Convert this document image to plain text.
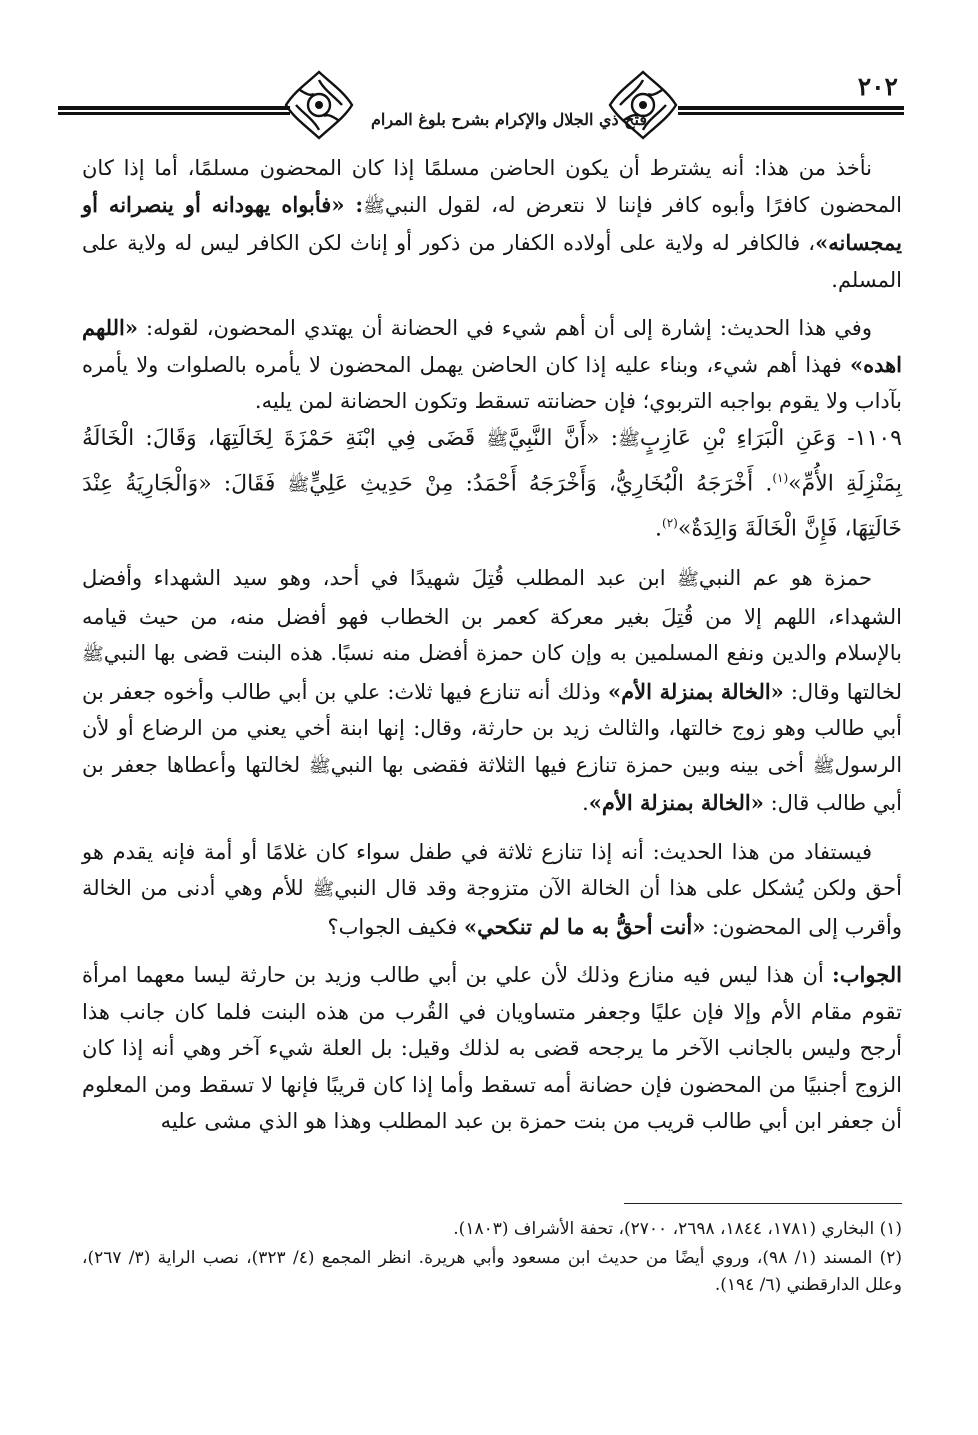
فتح ذي الجلال والإكرام بشرح بلوغ المرام
٢٠٢

نأخذ من هذا: أنه يشترط أن يكون الحاضن مسلمًا إذا كان المحضون مسلمًا، أما إذا كان المحضون كافرًا وأبوه كافر فإننا لا نتعرض له، لقول النبيﷺ: «فأبواه يهودانه أو ينصرانه أو يمجسانه»، فالكافر له ولاية على أولاده الكفار من ذكور أو إناث لكن الكافر ليس له ولاية على المسلم.

وفي هذا الحديث: إشارة إلى أن أهم شيء في الحضانة أن يهتدي المحضون، لقوله: «اللهم اهده» فهذا أهم شيء، وبناء عليه إذا كان الحاضن يهمل المحضون لا يأمره بالصلوات ولا يأمره بآداب ولا يقوم بواجبه التربوي؛ فإن حضانته تسقط وتكون الحضانة لمن يليه.

١١٠٩- وَعَنِ الْبَرَاءِ بْنِ عَازِبٍﷺ: «أَنَّ النَّبِيَّﷺ قَضَى فِي ابْنَةِ حَمْزَةَ لِخَالَتِهَا، وَقَالَ: الْخَالَةُ بِمَنْزِلَةِ الأُمِّ»$^{(١)}$. أَخْرَجَهُ الْبُخَارِيُّ، وَأَخْرَجَهُ أَحْمَدُ: مِنْ حَدِيثِ عَلِيٍّﷺ فَقَالَ: «وَالْجَارِيَةُ عِنْدَ خَالَتِهَا، فَإِنَّ الْخَالَةَ وَالِدَةٌ»$^{(٢)}$.

حمزة هو عم النبيﷺ ابن عبد المطلب قُتِلَ شهيدًا في أحد، وهو سيد الشهداء وأفضل الشهداء، اللهم إلا من قُتِلَ بغير معركة كعمر بن الخطاب فهو أفضل منه، من حيث قيامه بالإسلام والدين ونفع المسلمين به وإن كان حمزة أفضل منه نسبًا. هذه البنت قضى بها النبيﷺ لخالتها وقال: «الخالة بمنزلة الأم» وذلك أنه تنازع فيها ثلاث: علي بن أبي طالب وأخوه جعفر بن أبي طالب وهو زوج خالتها، والثالث زيد بن حارثة، وقال: إنها ابنة أخي يعني من الرضاع أو لأن الرسولﷺ أخى بينه وبين حمزة تنازع فيها الثلاثة فقضى بها النبيﷺ لخالتها وأعطاها جعفر بن أبي طالب قال: «الخالة بمنزلة الأم».

فيستفاد من هذا الحديث: أنه إذا تنازع ثلاثة في طفل سواء كان غلامًا أو أمة فإنه يقدم هو أحق ولكن يُشكل على هذا أن الخالة الآن متزوجة وقد قال النبيﷺ للأم وهي أدنى من الخالة وأقرب إلى المحضون: «أنت أحقُّ به ما لم تنكحي» فكيف الجواب؟

الجواب: أن هذا ليس فيه منازع وذلك لأن علي بن أبي طالب وزيد بن حارثة ليسا معهما امرأة تقوم مقام الأم وإلا فإن عليًا وجعفر متساويان في القُرب من هذه البنت فلما كان جانب هذا أرجح وليس بالجانب الآخر ما يرجحه قضى به لذلك وقيل: بل العلة شيء آخر وهي أنه إذا كان الزوج أجنبيًا من المحضون فإن حضانة أمه تسقط وأما إذا كان قريبًا فإنها لا تسقط ومن المعلوم أن جعفر ابن أبي طالب قريب من بنت حمزة بن عبد المطلب وهذا هو الذي مشى عليه

(١) البخاري (١٧٨١، ١٨٤٤، ٢٦٩٨، ٢٧٠٠)، تحفة الأشراف (١٨٠٣).

(٢) المسند (١/ ٩٨)، وروي أيضًا من حديث ابن مسعود وأبي هريرة. انظر المجمع (٤/ ٣٢٣)، نصب الراية (٣/ ٢٦٧)، وعلل الدارقطني (٦/ ١٩٤).
